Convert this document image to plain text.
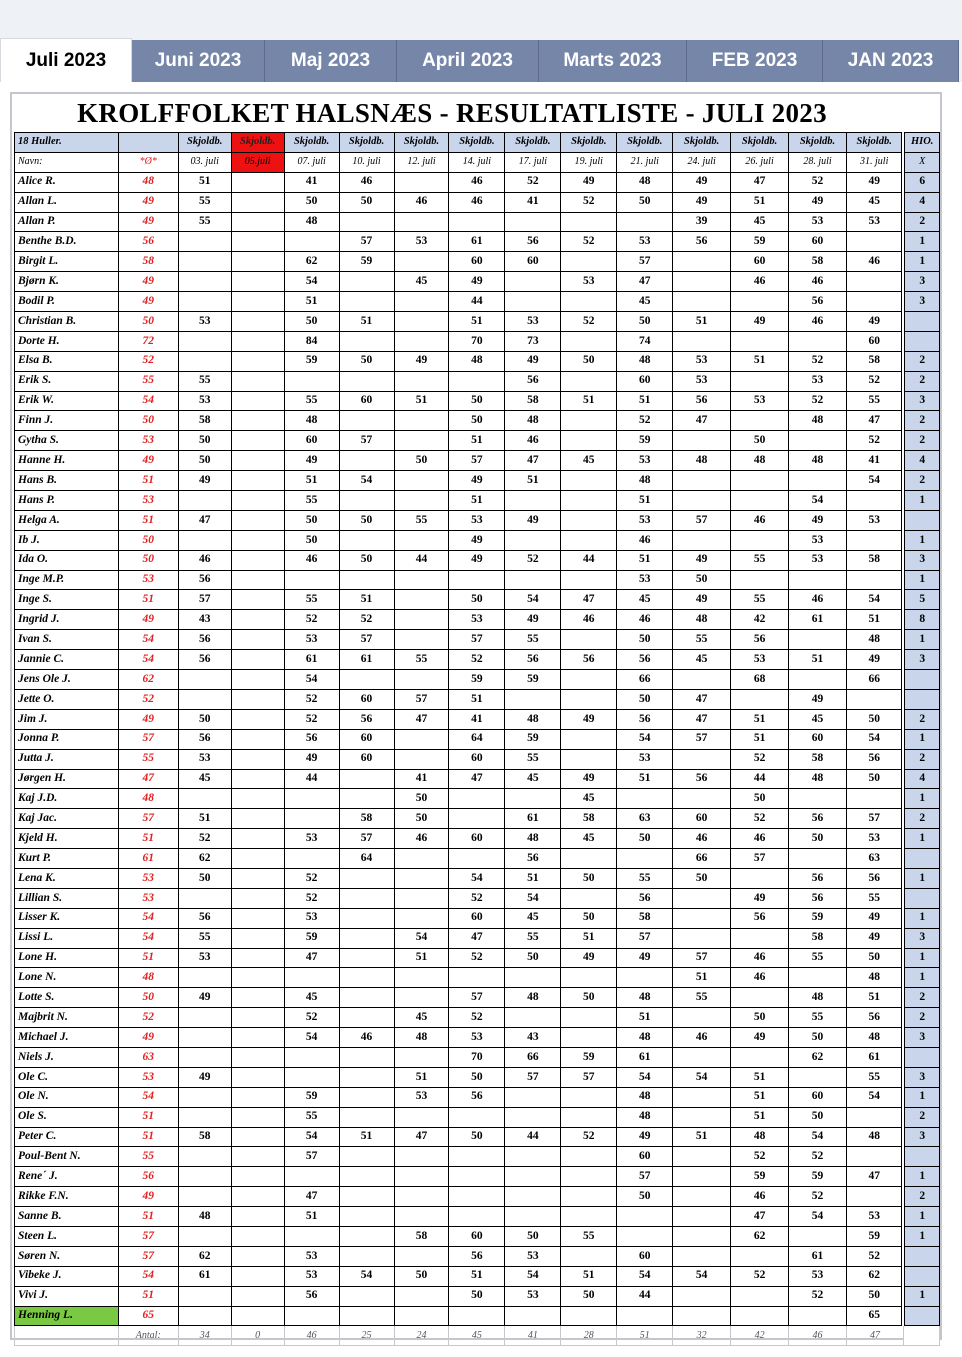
Juli 2023	Juni 2023	Maj 2023	April 2023	Marts 2023	FEB 2023	JAN 2023
KROLFFOLKET HALSNÆS - RESULTATLISTE - JULI 2023
18 Huller.		Skjoldb.	Skjoldb.	Skjoldb.	Skjoldb.	Skjoldb.	Skjoldb.	Skjoldb.	Skjoldb.	Skjoldb.	Skjoldb.	Skjoldb.	Skjoldb.	Skjoldb.	HIO.
Navn:	*Ø*	03. juli	05.juli	07. juli	10. juli	12. juli	14. juli	17. juli	19. juli	21. juli	24. juli	26. juli	28. juli	31. juli	X
Alice R.	48	51		41	46		46	52	49	48	49	47	52	49	6
Allan L.	49	55		50	50	46	46	41	52	50	49	51	49	45	4
Allan P.	49	55		48							39	45	53	53	2
Benthe B.D.	56				57	53	61	56	52	53	56	59	60		1
Birgit L.	58			62	59		60	60		57		60	58	46	1
Bjørn K.	49			54		45	49		53	47		46	46		3
Bodil P.	49			51			44			45			56		3
Christian B.	50	53		50	51		51	53	52	50	51	49	46	49	
Dorte H.	72			84			70	73		74				60	
Elsa B.	52			59	50	49	48	49	50	48	53	51	52	58	2
Erik S.	55	55						56		60	53		53	52	2
Erik W.	54	53		55	60	51	50	58	51	51	56	53	52	55	3
Finn J.	50	58		48			50	48		52	47		48	47	2
Gytha S.	53	50		60	57		51	46		59		50		52	2
Hanne H.	49	50		49		50	57	47	45	53	48	48	48	41	4
Hans B.	51	49		51	54		49	51		48				54	2
Hans P.	53			55			51			51			54		1
Helga A.	51	47		50	50	55	53	49		53	57	46	49	53	
Ib J.	50			50			49			46			53		1
Ida O.	50	46		46	50	44	49	52	44	51	49	55	53	58	3
Inge M.P.	53	56								53	50				1
Inge S.	51	57		55	51		50	54	47	45	49	55	46	54	5
Ingrid J.	49	43		52	52		53	49	46	46	48	42	61	51	8
Ivan S.	54	56		53	57		57	55		50	55	56		48	1
Jannie C.	54	56		61	61	55	52	56	56	56	45	53	51	49	3
Jens Ole J.	62			54			59	59		66		68		66	
Jette O.	52			52	60	57	51			50	47		49		
Jim J.	49	50		52	56	47	41	48	49	56	47	51	45	50	2
Jonna P.	57	56		56	60		64	59		54	57	51	60	54	1
Jutta J.	55	53		49	60		60	55		53		52	58	56	2
Jørgen H.	47	45		44		41	47	45	49	51	56	44	48	50	4
Kaj J.D.	48					50			45			50			1
Kaj Jac.	57	51			58	50		61	58	63	60	52	56	57	2
Kjeld H.	51	52		53	57	46	60	48	45	50	46	46	50	53	1
Kurt P.	61	62			64			56			66	57		63	
Lena K.	53	50		52			54	51	50	55	50		56	56	1
Lillian S.	53			52			52	54		56		49	56	55	
Lisser K.	54	56		53			60	45	50	58		56	59	49	1
Lissi L.	54	55		59		54	47	55	51	57			58	49	3
Lone H.	51	53		47		51	52	50	49	49	57	46	55	50	1
Lone N.	48										51	46		48	1
Lotte S.	50	49		45			57	48	50	48	55		48	51	2
Majbrit N.	52			52		45	52			51		50	55	56	2
Michael J.	49			54	46	48	53	43		48	46	49	50	48	3
Niels J.	63						70	66	59	61			62	61	
Ole C.	53	49				51	50	57	57	54	54	51		55	3
Ole N.	54			59		53	56			48		51	60	54	1
Ole S.	51			55						48		51	50		2
Peter C.	51	58		54	51	47	50	44	52	49	51	48	54	48	3
Poul-Bent N.	55			57						60		52	52		
Rene´ J.	56									57		59	59	47	1
Rikke F.N.	49			47						50		46	52		2
Sanne B.	51	48		51								47	54	53	1
Steen L.	57					58	60	50	55			62		59	1
Søren N.	57	62		53			56	53		60			61	52	
Vibeke J.	54	61		53	54	50	51	54	51	54	54	52	53	62	
Vivi J.	51			56			50	53	50	44			52	50	1
Henning L.	65													65	
	Antal:	34	0	46	25	24	45	41	28	51	32	42	46	47	
